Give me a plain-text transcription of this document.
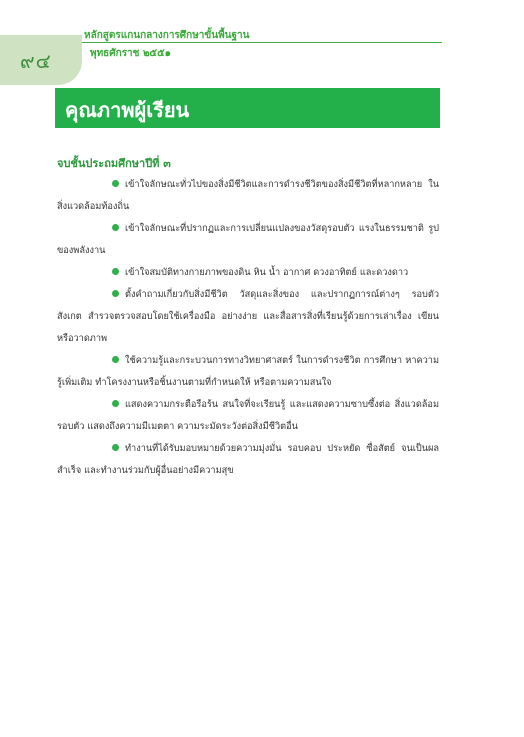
๙๔
หลักสูตรแกนกลางการศึกษาขั้นพื้นฐาน
พุทธศักราช ๒๕๕๑
คุณภาพผู้เรียน
จบชั้นประถมศึกษาปีที่ ๓

เข้าใจลักษณะทั่วไปของสิ่งมีชีวิตและการดำรงชีวิตของสิ่งมีชีวิตที่หลากหลาย ในสิ่งแวดล้อมท้องถิ่น

เข้าใจลักษณะที่ปรากฏและการเปลี่ยนแปลงของวัสดุรอบตัว แรงในธรรมชาติ รูปของพลังงาน

เข้าใจสมบัติทางกายภาพของดิน หิน น้ำ อากาศ ดวงอาทิตย์ และดวงดาว

ตั้งคำถามเกี่ยวกับสิ่งมีชีวิต วัสดุและสิ่งของ และปรากฏการณ์ต่างๆ รอบตัว สังเกต สำรวจตรวจสอบโดยใช้เครื่องมือ อย่างง่าย และสื่อสารสิ่งที่เรียนรู้ด้วยการเล่าเรื่อง เขียน หรือวาดภาพ

ใช้ความรู้และกระบวนการทางวิทยาศาสตร์ ในการดำรงชีวิต การศึกษา หาความรู้เพิ่มเติม ทำโครงงานหรือชิ้นงานตามที่กำหนดให้ หรือตามความสนใจ

แสดงความกระตือรือร้น สนใจที่จะเรียนรู้ และแสดงความซาบซึ้งต่อ สิ่งแวดล้อมรอบตัว แสดงถึงความมีเมตตา ความระมัดระวังต่อสิ่งมีชีวิตอื่น

ทำงานที่ได้รับมอบหมายด้วยความมุ่งมั่น รอบคอบ ประหยัด ซื่อสัตย์ จนเป็นผลสำเร็จ และทำงานร่วมกับผู้อื่นอย่างมีความสุข
